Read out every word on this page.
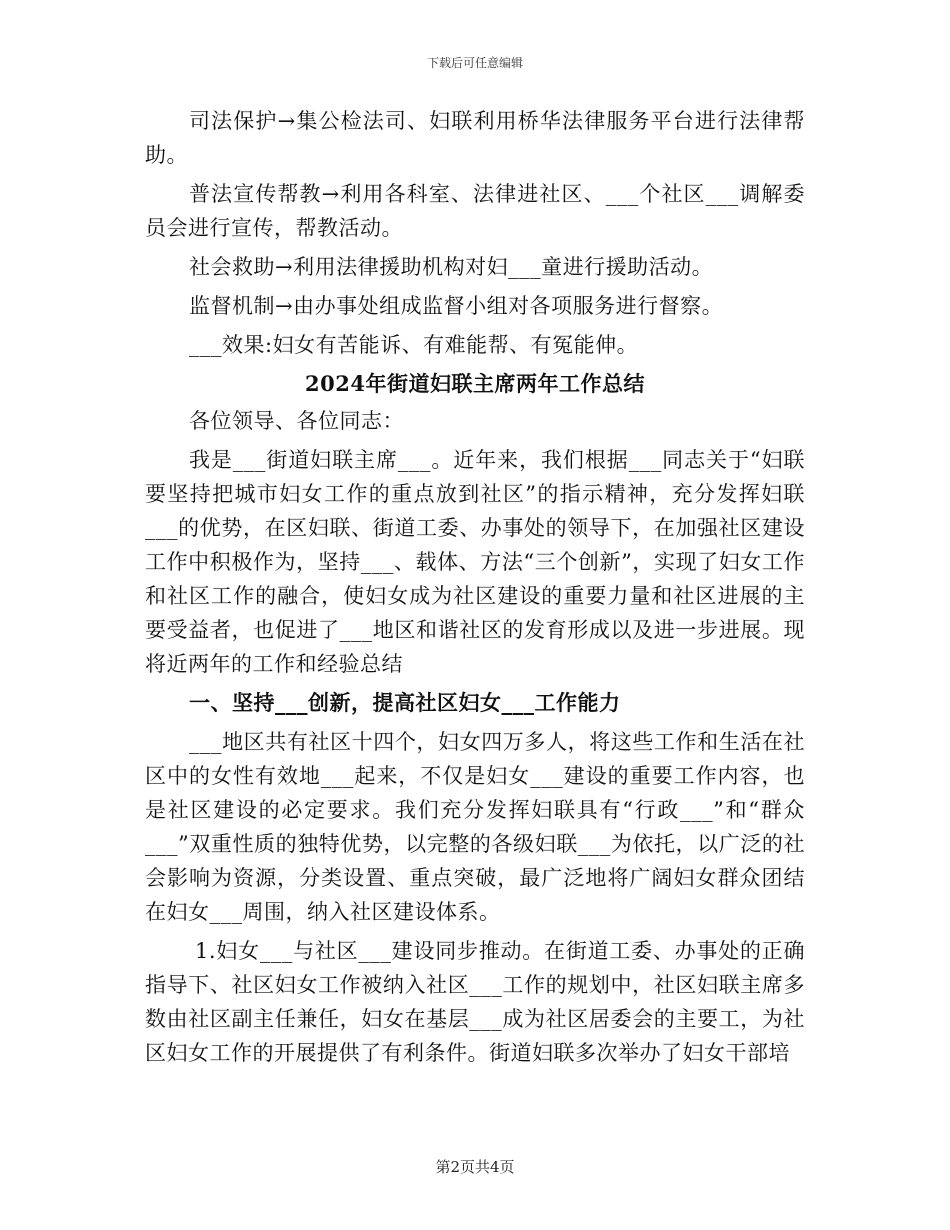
下载后可任意编辑

司法保护→集公检法司、妇联利用桥华法律服务平台进行法律帮助。

普法宣传帮教→利用各科室、法律进社区、___个社区___调解委员会进行宣传，帮教活动。

社会救助→利用法律援助机构对妇___童进行援助活动。

监督机制→由办事处组成监督小组对各项服务进行督察。

___效果:妇女有苦能诉、有难能帮、有冤能伸。

2024年街道妇联主席两年工作总结

各位领导、各位同志：

我是___街道妇联主席___。近年来，我们根据___同志关于“妇联要坚持把城市妇女工作的重点放到社区”的指示精神，充分发挥妇联___的优势，在区妇联、街道工委、办事处的领导下，在加强社区建设工作中积极作为，坚持___、载体、方法“三个创新”，实现了妇女工作和社区工作的融合，使妇女成为社区建设的重要力量和社区进展的主要受益者，也促进了___地区和谐社区的发育形成以及进一步进展。现将近两年的工作和经验总结

一、坚持___创新，提高社区妇女___工作能力

___地区共有社区十四个，妇女四万多人，将这些工作和生活在社区中的女性有效地___起来，不仅是妇女___建设的重要工作内容，也是社区建设的必定要求。我们充分发挥妇联具有“行政___”和“群众___”双重性质的独特优势，以完整的各级妇联___为依托，以广泛的社会影响为资源，分类设置、重点突破，最广泛地将广阔妇女群众团结在妇女___周围，纳入社区建设体系。

1.妇女___与社区___建设同步推动。在街道工委、办事处的正确指导下、社区妇女工作被纳入社区___工作的规划中，社区妇联主席多数由社区副主任兼任，妇女在基层___成为社区居委会的主要工，为社区妇女工作的开展提供了有利条件。街道妇联多次举办了妇女干部培

第2页共4页
